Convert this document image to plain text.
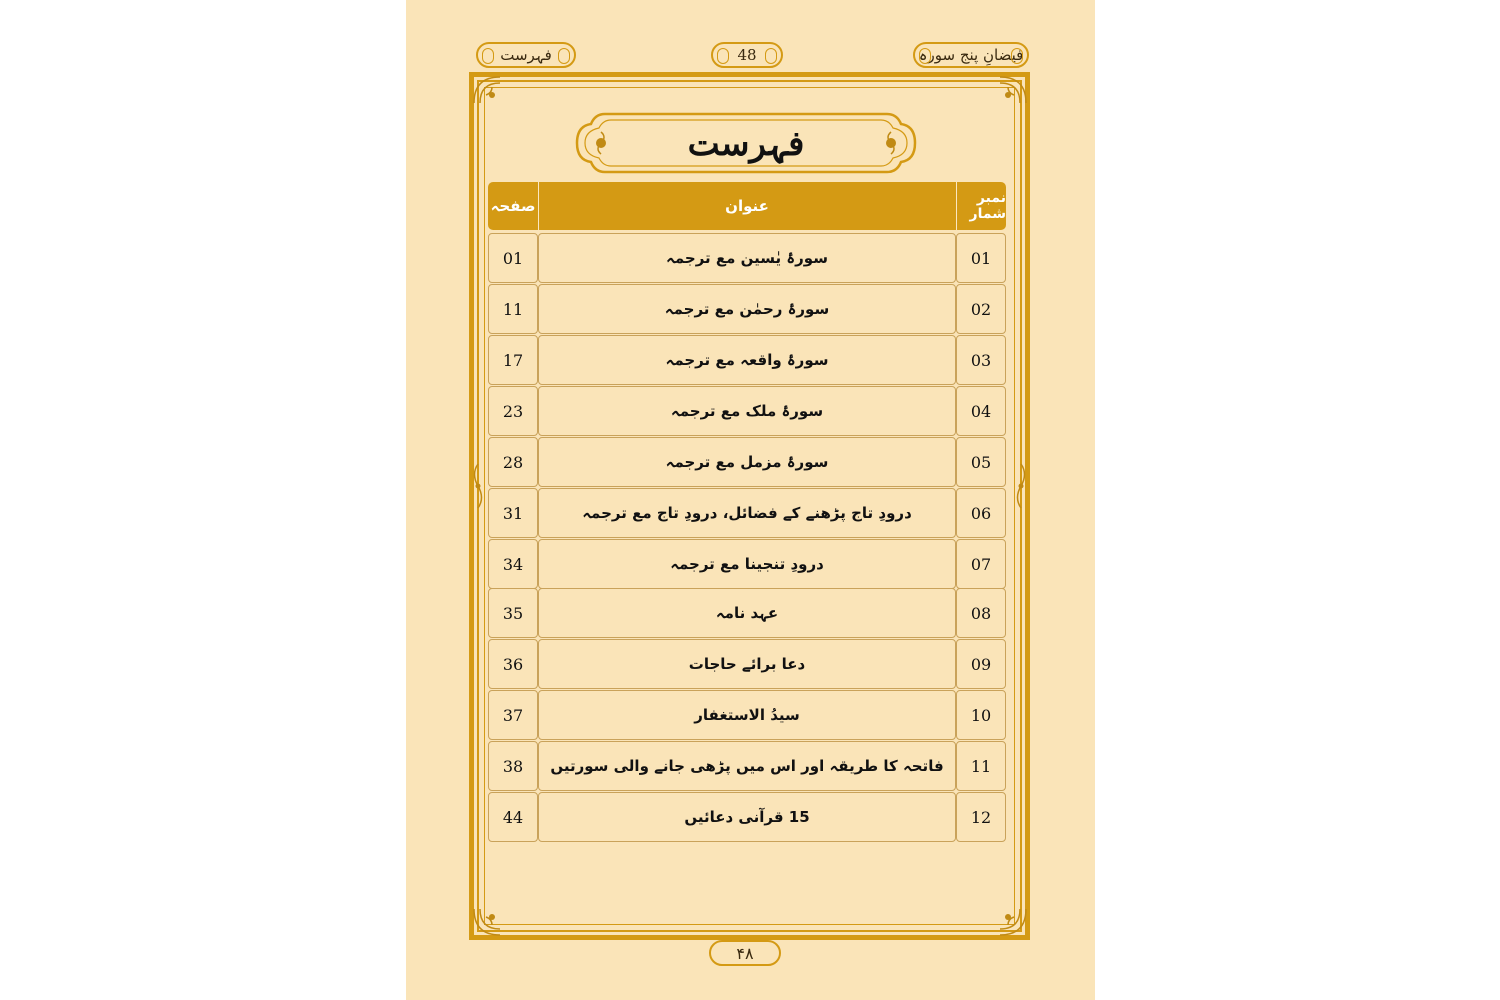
فیضانِ پنج سورہ
48
فہرست
فہرست
صفحہ	عنوان	نمبر شمار
01	سورۂ یٰسین مع ترجمہ	01
11	سورۂ رحمٰن مع ترجمہ	02
17	سورۂ واقعہ مع ترجمہ	03
23	سورۂ ملک مع ترجمہ	04
28	سورۂ مزمل مع ترجمہ	05
31	درودِ تاج پڑھنے کے فضائل، درودِ تاج مع ترجمہ	06
34	درودِ تنجینا مع ترجمہ	07
35	عہد نامہ	08
36	دعا برائے حاجات	09
37	سیدُ الاستغفار	10
38	فاتحہ کا طریقہ اور اس میں پڑھی جانے والی سورتیں	11
44	15 قرآنی دعائیں	12
۴۸
